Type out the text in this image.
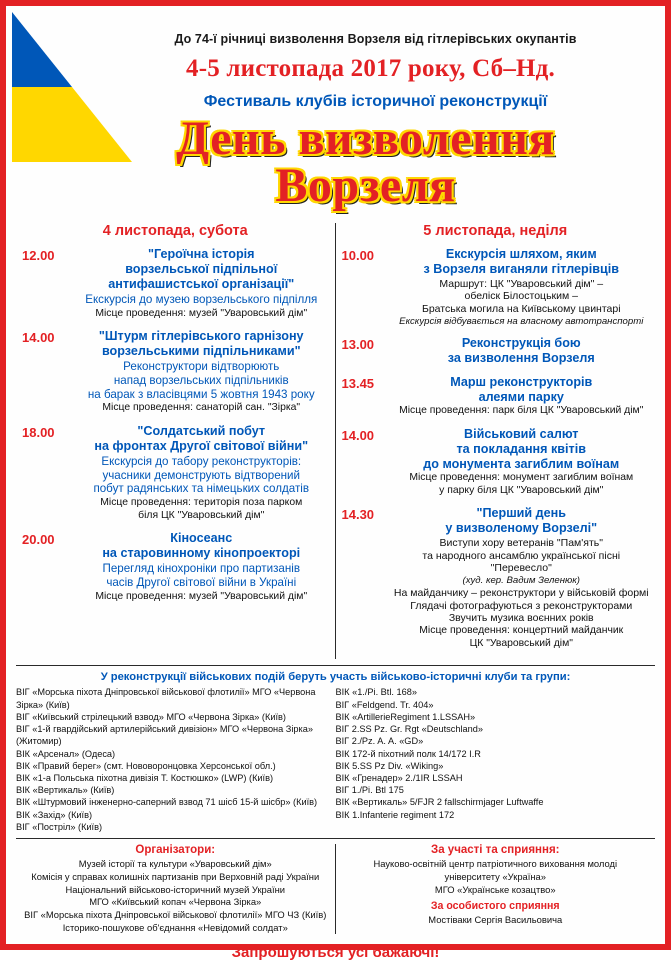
До 74-ї річниці визволення Ворзеля від гітлерівських окупантів
4-5 листопада 2017 року, Сб–Нд.
Фестиваль клубів історичної реконструкції
День визволення
Ворзеля
4 листопада, субота
12.00	"Героїчна історія
ворзельської підпільної
антифашистської організації"
Екскурсія до музею ворзельського підпілля
Місце проведення: музей "Уваровський дім"
14.00	"Штурм гітлерівського гарнізону
ворзельськими підпільниками"
Реконструктори відтворюють
напад ворзельських підпільників
на барак з власівцями 5 жовтня 1943 року
Місце проведення: санаторій сан. "Зірка"
18.00	"Солдатський побут
на фронтах Другої світової війни"
Екскурсія до табору реконструкторів:
учасники демонструють відтворений
побут радянських та німецьких солдатів
Місце проведення: територія поза парком
біля ЦК "Уваровський дім"
20.00	Кіносеанс
на старовинному кінопроекторі
Перегляд кінохроніки про партизанів
часів Другої світової війни в Україні
Місце проведення: музей "Уваровський дім"
5 листопада, неділя
10.00	Екскурсія шляхом, яким
з Ворзеля виганяли гітлерівців
Маршрут: ЦК "Уваровський дім" –
обеліск Білостоцьким –
Братська могила на Київському цвинтарі
Екскурсія відбувається на власному автотранспорті
13.00	Реконструкція бою
за визволення Ворзеля
13.45	Марш реконструкторів
алеями парку
Місце проведення: парк біля ЦК "Уваровський дім"
14.00	Військовий салют
та покладання квітів
до монумента загиблим воїнам
Місце проведення: монумент загиблим воїнам
у парку біля ЦК "Уваровський дім"
14.30	"Перший день
у визволеному Ворзелі"
Виступи хору ветеранів "Пам'ять"
та народного ансамблю української пісні "Перевесло"
(худ. кер. Вадим Зеленюк)
На майданчику – реконструктори у військовій формі
Глядачі фотографуються з реконструкторами
Звучить музика воєнних років
Місце проведення: концертний майданчик
ЦК "Уваровський дім"
У реконструкції військових подій беруть участь військово-історичні клуби та групи:
ВІГ «Морська піхота Дніпровської військової флотилії» МГО «Червона Зірка» (Київ)
ВІГ «Київський стрілецький взвод» МГО «Червона Зірка» (Київ)
ВІГ «1-й гвардійський артилерійський дивізіон» МГО «Червона Зірка» (Житомир)
ВІК «Арсенал» (Одеса)
ВІК «Правий берег» (смт. Нововоронцовка Херсонської обл.)
ВІК «1-а Польська піхотна дивізія Т. Костюшко» (LWP) (Київ)
ВІК «Вертикаль» (Київ)
ВІК «Штурмовий інженерно-саперний взвод 71 шісб 15-й шісбр» (Київ)
ВІК «Захід» (Київ)
ВІГ «Постріл» (Київ)
ВІК «1./Pi. Btl. 168»
ВІГ «Feldgend. Tr. 404»
ВІК «ArtillerieRegiment 1.LSSAH»
ВІГ 2.SS Pz. Gr. Rgt «Deutschland»
ВІГ 2./Pz. A. A. «GD»
ВІК 172-й піхотний полк 14/172 I.R
ВІК 5.SS Pz Div. «Wiking»
ВІК «Гренадер» 2./1IR LSSAH
ВІГ 1./Pi. Btl 175
ВІК «Вертикаль» 5/FJR 2 fallschirmjager Luftwaffe
ВІК 1.Infanterie regiment 172
Організатори:
Музей історії та культури «Уваровський дім»
Комісія у справах колишніх партизанів при Верховній раді України
Національний військово-історичний музей України
МГО «Київський копач «Червона Зірка»
ВІГ «Морська піхота Дніпровської військової флотилії» МГО ЧЗ (Київ)
Історико-пошукове об'єднання «Невідомий солдат»
За участі та сприяння:
Науково-освітній центр патріотичного виховання молоді
університету «Україна»
МГО «Українське козацтво»
За особистого сприяння
Мостіваки Сергія Васильовича
Запрошуються усі бажаючі!
